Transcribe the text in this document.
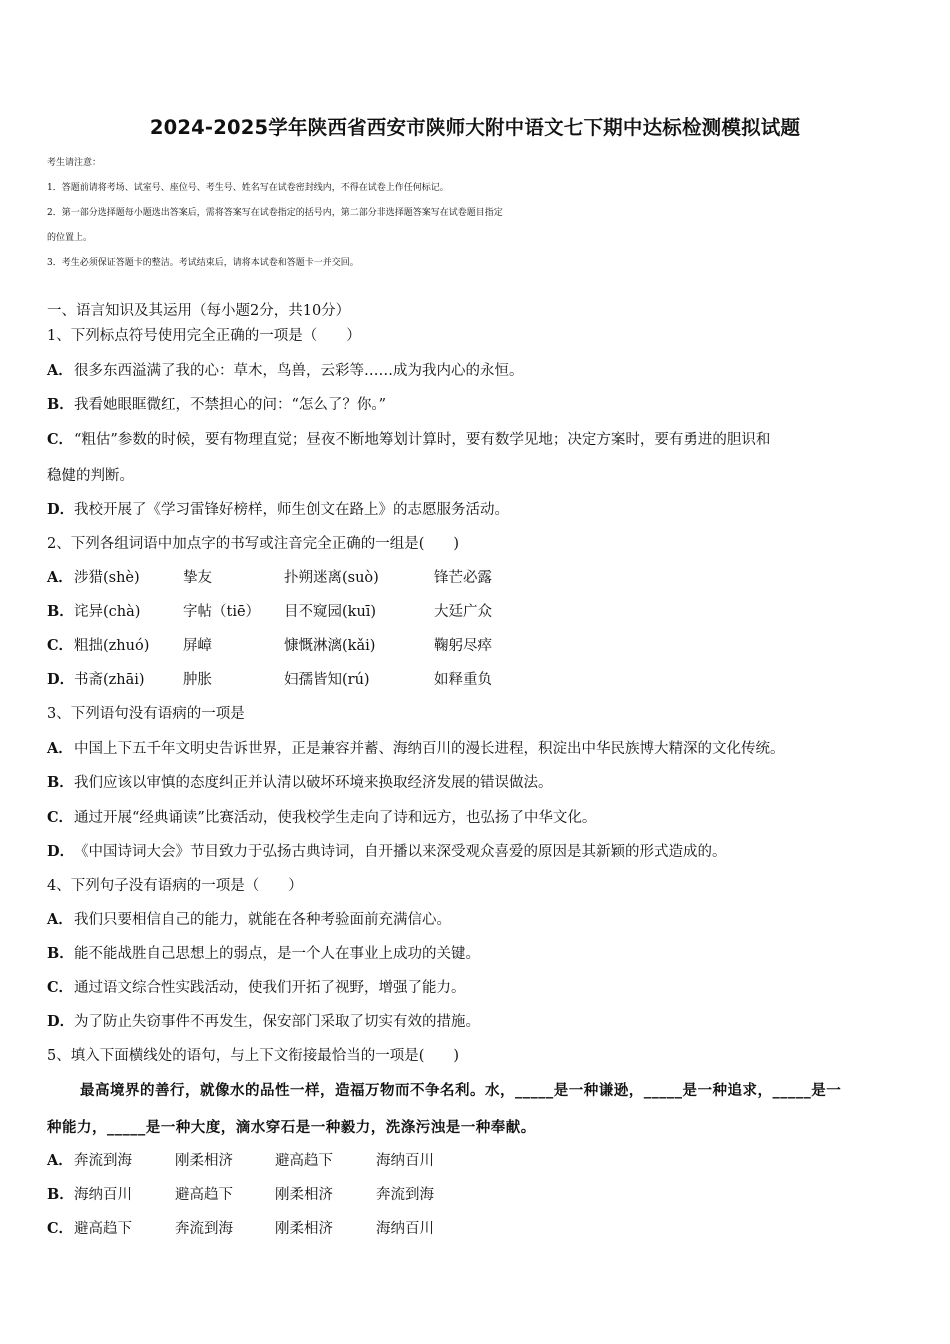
2024-2025学年陕西省西安市陕师大附中语文七下期中达标检测模拟试题
考生请注意：
1．答题前请将考场、试室号、座位号、考生号、姓名写在试卷密封线内，不得在试卷上作任何标记。
2．第一部分选择题每小题选出答案后，需将答案写在试卷指定的括号内，第二部分非选择题答案写在试卷题目指定
的位置上。
3．考生必须保证答题卡的整洁。考试结束后，请将本试卷和答题卡一并交回。
一、语言知识及其运用（每小题2分，共10分）
1、下列标点符号使用完全正确的一项是（　　）
A．很多东西溢满了我的心：草木，鸟兽，云彩等……成为我内心的永恒。
B．我看她眼眶微红，不禁担心的问：“怎么了？你。”
C．“粗估”参数的时候，要有物理直觉；昼夜不断地筹划计算时，要有数学见地；决定方案时，要有勇进的胆识和
稳健的判断。
D．我校开展了《学习雷锋好榜样，师生创文在路上》的志愿服务活动。
2、下列各组词语中加点字的书写或注音完全正确的一组是(　　)
A． 涉猎(shè)	挚友	扑朔迷离(suò)	锋芒必露
B． 诧异(chà)	字帖（tiē） 目不窥园(kuī)	大廷广众
C． 粗拙(zhuó) 屏嶂	慷慨淋漓(kǎi)	鞠躬尽瘁
D． 书斋(zhāi)	肿胀	妇孺皆知(rú)	如释重负
3、下列语句没有语病的一项是
A．中国上下五千年文明史告诉世界，正是兼容并蓄、海纳百川的漫长进程，积淀出中华民族博大精深的文化传统。
B．我们应该以审慎的态度纠正并认清以破坏环境来换取经济发展的错误做法。
C．通过开展“经典诵读”比赛活动，使我校学生走向了诗和远方，也弘扬了中华文化。
D．《中国诗词大会》节目致力于弘扬古典诗词，自开播以来深受观众喜爱的原因是其新颖的形式造成的。
4、下列句子没有语病的一项是（　　）
A．我们只要相信自己的能力，就能在各种考验面前充满信心。
B．能不能战胜自己思想上的弱点，是一个人在事业上成功的关键。
C．通过语文综合性实践活动，使我们开拓了视野，增强了能力。
D．为了防止失窃事件不再发生，保安部门采取了切实有效的措施。
5、填入下面横线处的语句，与上下文衔接最恰当的一项是(　　)
最高境界的善行，就像水的品性一样，造福万物而不争名利。水，_____是一种谦逊，_____是一种追求，_____是一
种能力，_____是一种大度，滴水穿石是一种毅力，洗涤污浊是一种奉献。
A． 奔流到海	刚柔相济	避高趋下	海纳百川
B． 海纳百川	避高趋下	刚柔相济	奔流到海
C． 避高趋下	奔流到海	刚柔相济	海纳百川
